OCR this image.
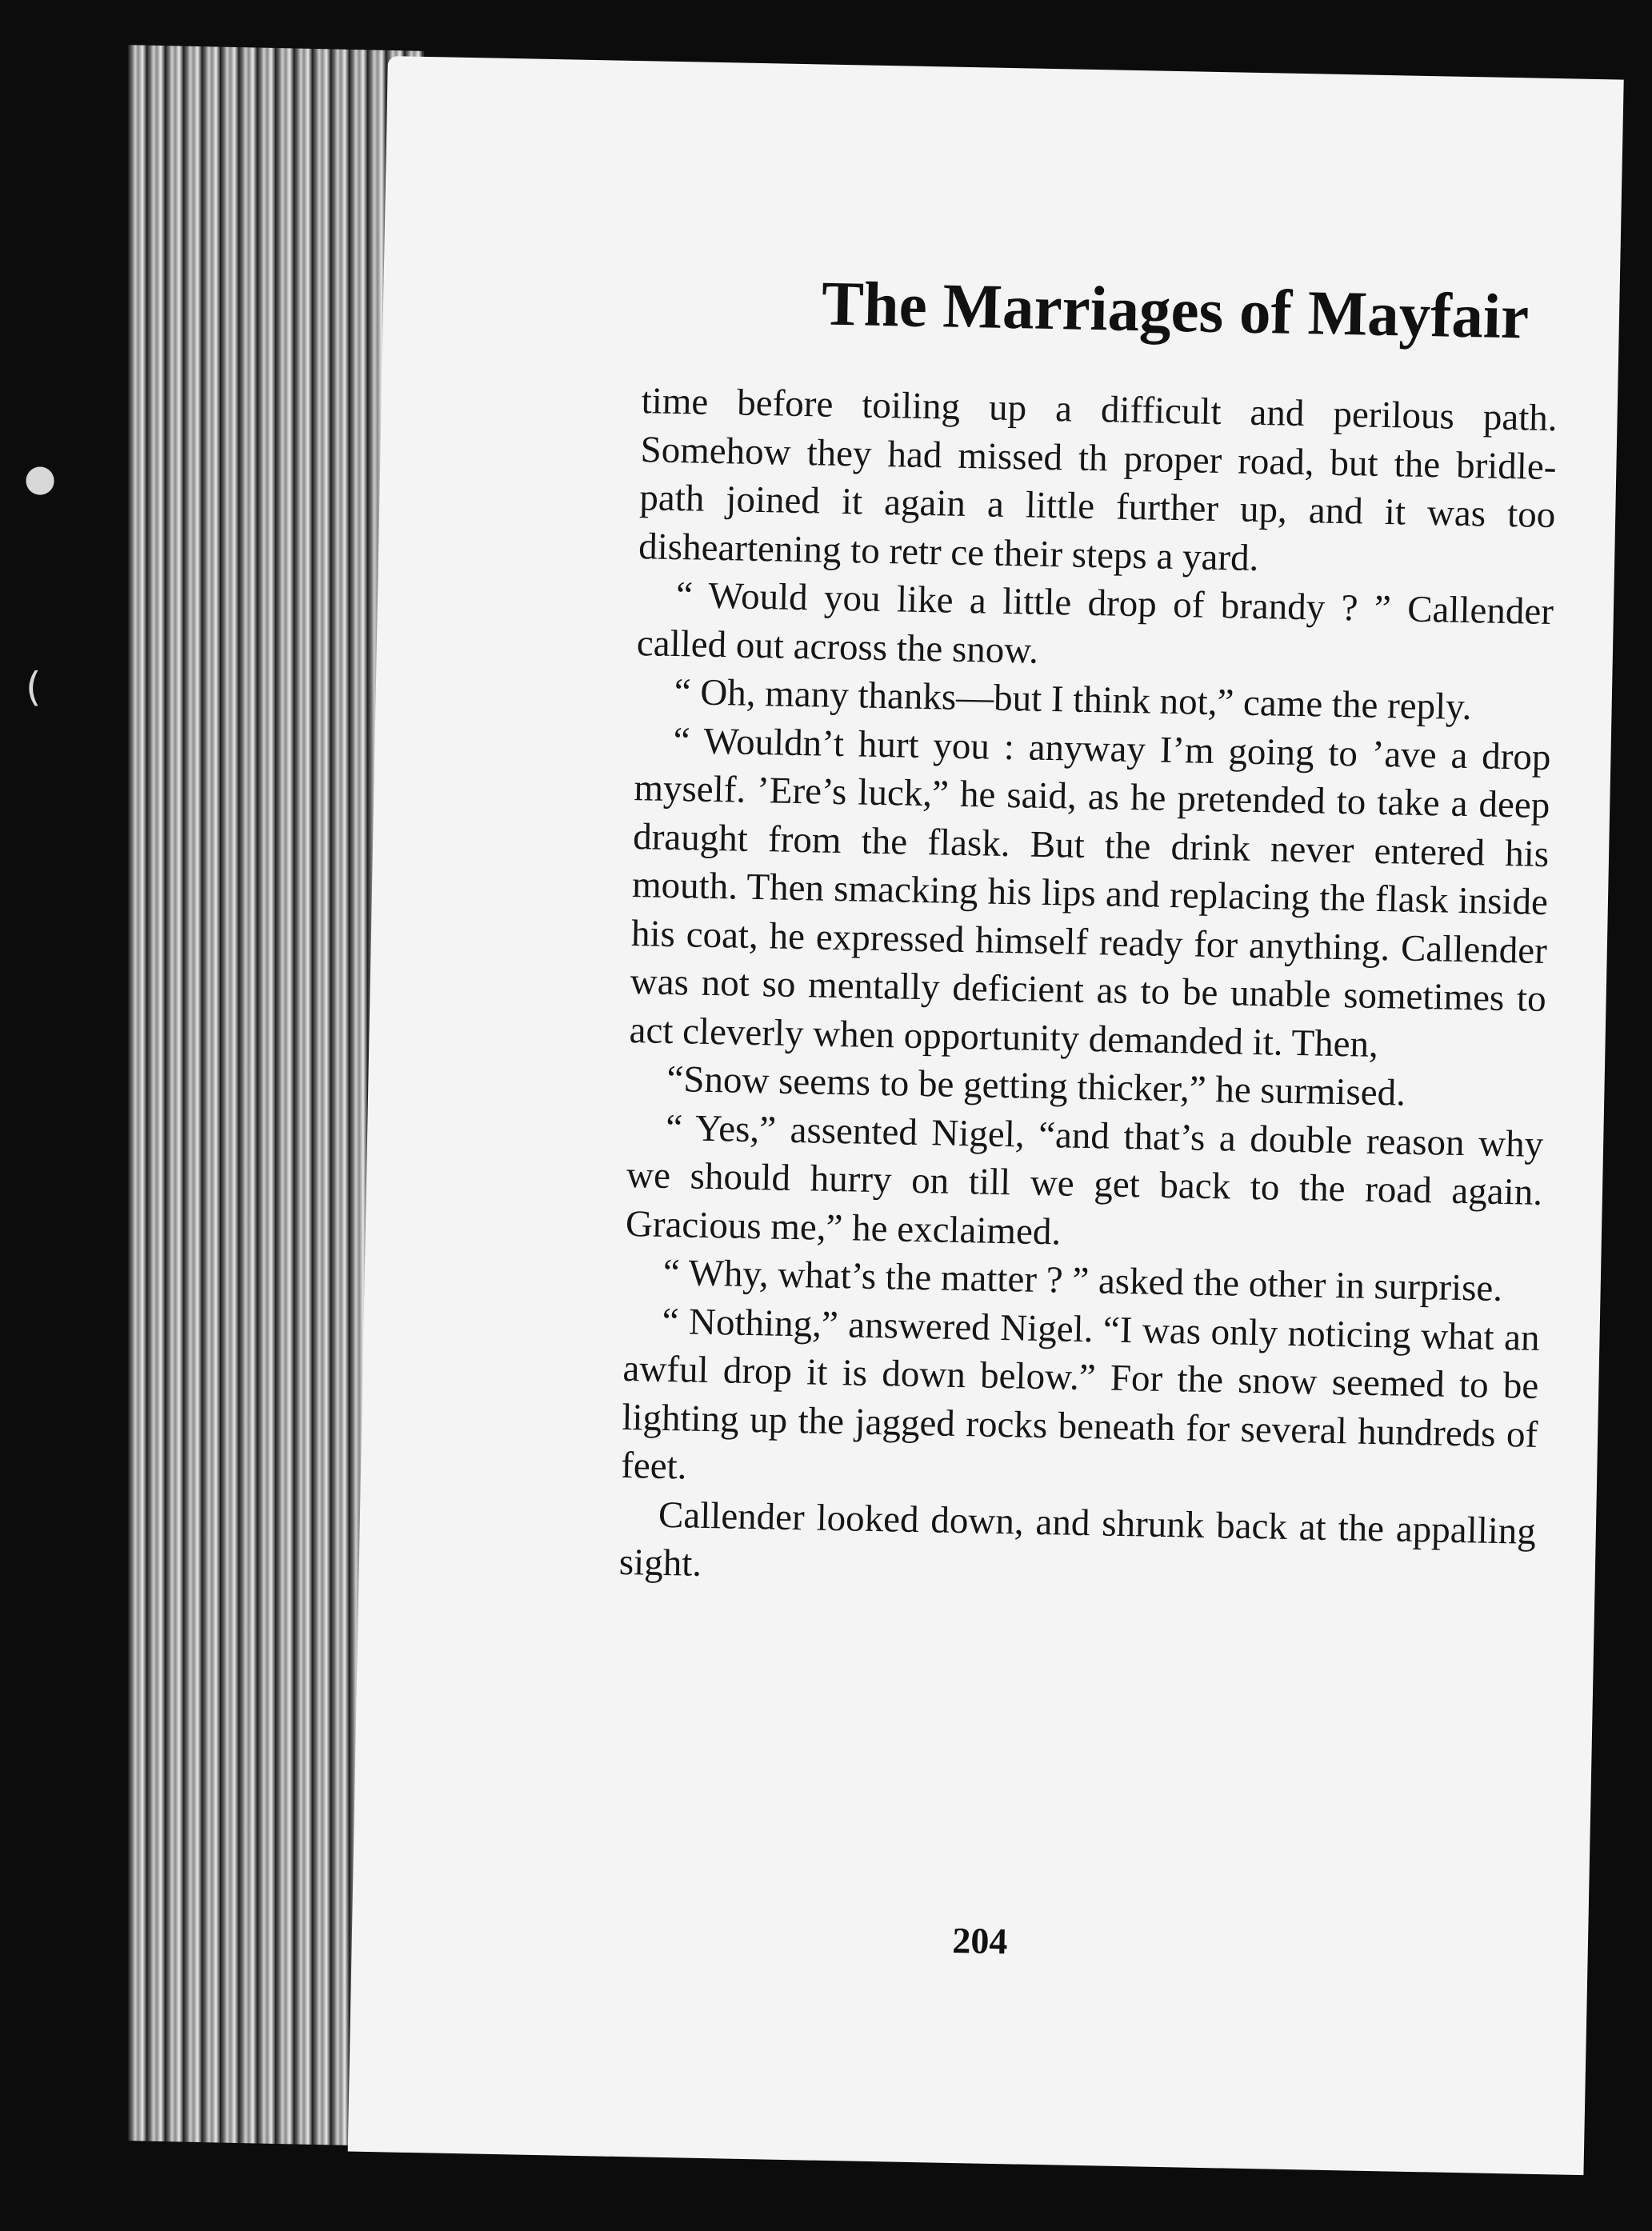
●
(
The Marriages of Mayfair

time before toiling up a difficult and perilous path. Somehow they had missed th proper road, but the bridle-path joined it again a little further up, and it was too disheartening to retr ce their steps a yard.

“ Would you like a little drop of brandy ? ” Callender called out across the snow.

“ Oh, many thanks—but I think not,” came the reply.

“ Wouldn’t hurt you : anyway I’m going to ’ave a drop myself. ’Ere’s luck,” he said, as he pretended to take a deep draught from the flask. But the drink never entered his mouth. Then smacking his lips and replacing the flask inside his coat, he expressed himself ready for anything. Callender was not so mentally deficient as to be unable sometimes to act cleverly when opportunity demanded it. Then,

“Snow seems to be getting thicker,” he surmised.

“ Yes,” assented Nigel, “and that’s a double reason why we should hurry on till we get back to the road again. Gracious me,” he exclaimed.

“ Why, what’s the matter ? ” asked the other in surprise.

“ Nothing,” answered Nigel. “I was only noticing what an awful drop it is down below.” For the snow seemed to be lighting up the jagged rocks beneath for several hundreds of feet.

Callender looked down, and shrunk back at the appalling sight.

204
